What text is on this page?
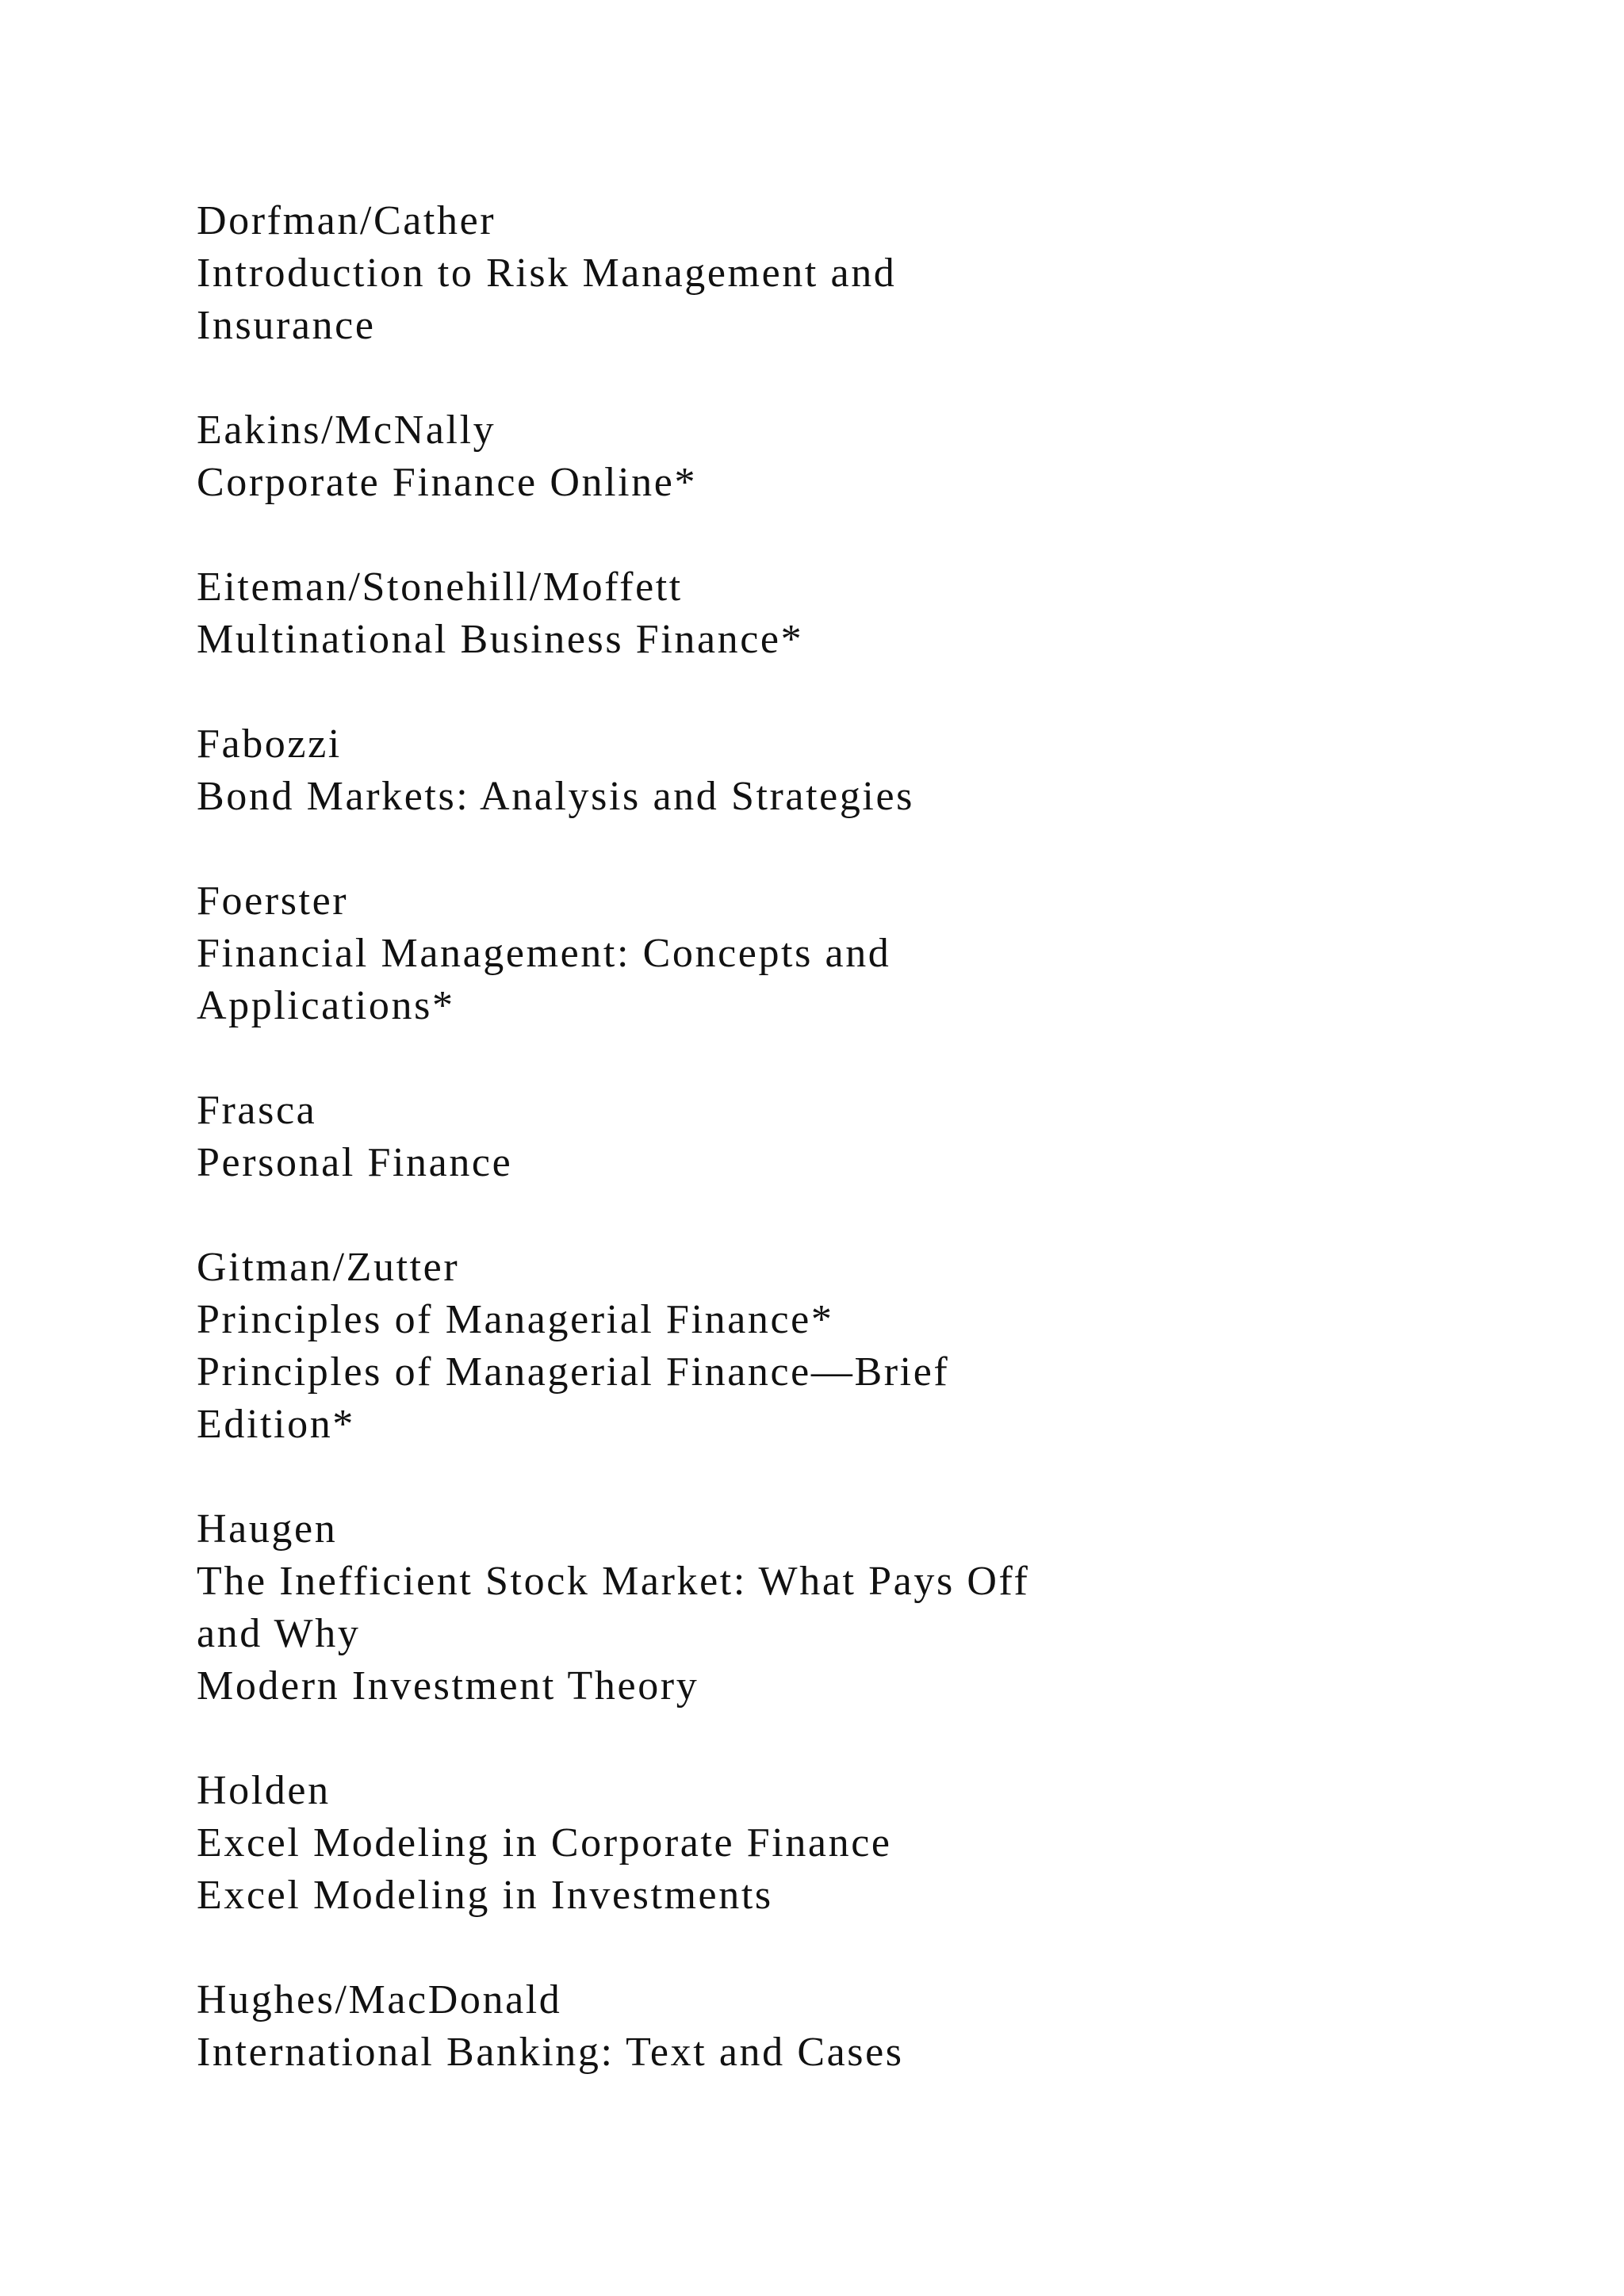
Dorfman/Cather
Introduction to Risk Management and
Insurance
Eakins/McNally
Corporate Finance Online*
Eiteman/Stonehill/Moffett
Multinational Business Finance*
Fabozzi
Bond Markets: Analysis and Strategies
Foerster
Financial Management: Concepts and
Applications*
Frasca
Personal Finance
Gitman/Zutter
Principles of Managerial Finance*
Principles of Managerial Finance—Brief
Edition*
Haugen
The Inefficient Stock Market: What Pays Off
and Why
Modern Investment Theory
Holden
Excel Modeling in Corporate Finance
Excel Modeling in Investments
Hughes/MacDonald
International Banking: Text and Cases
